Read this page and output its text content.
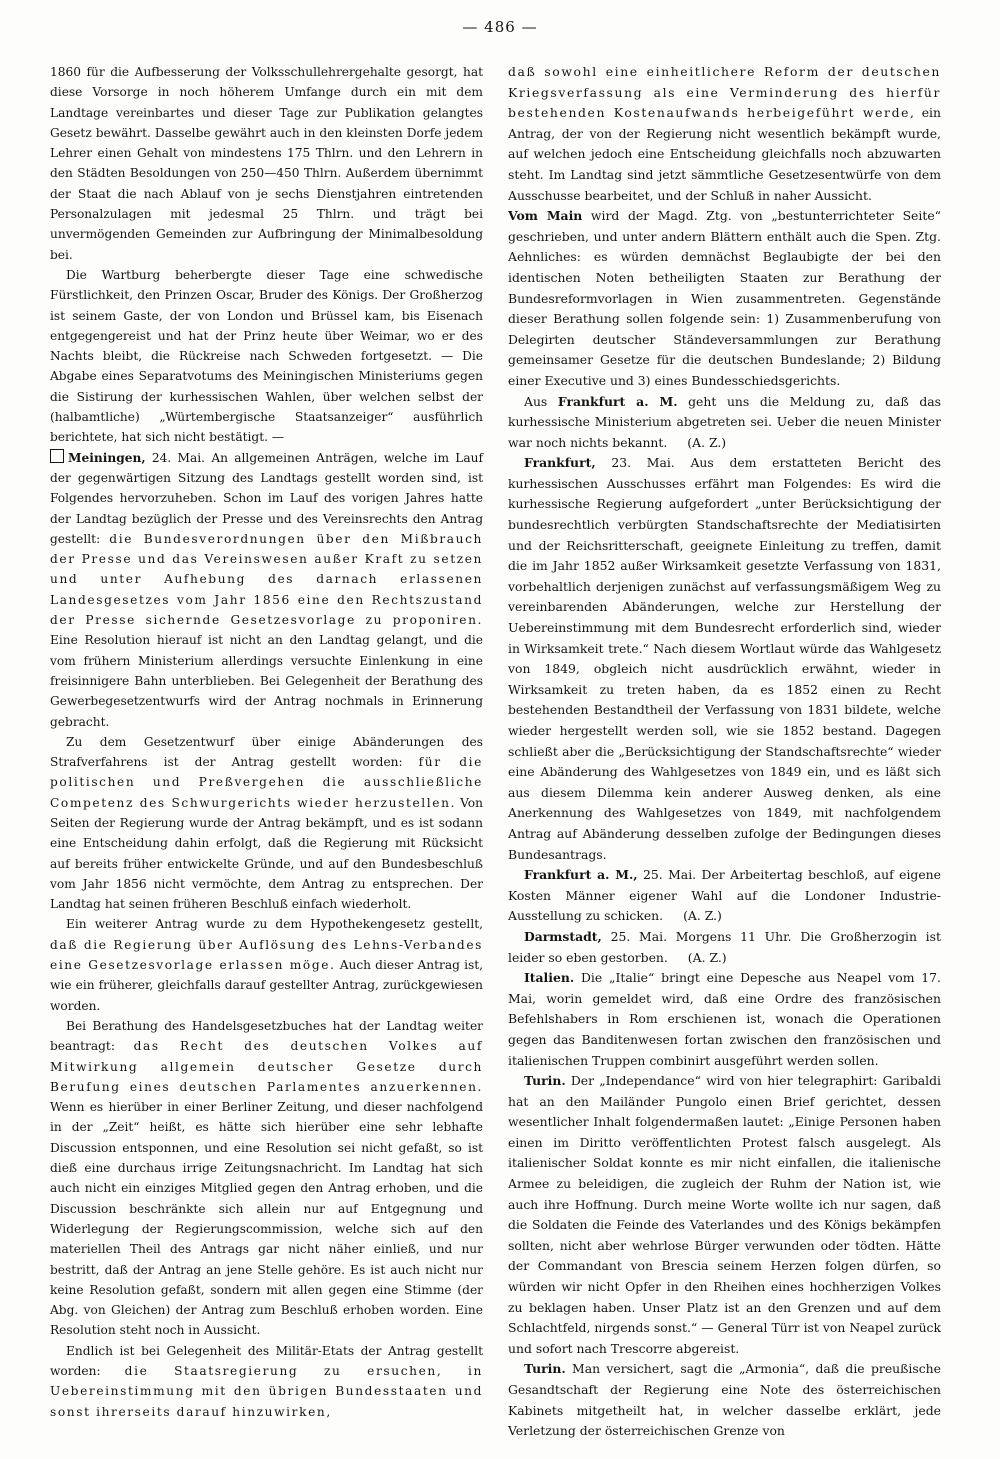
— 486 —

1860 für die Aufbesserung der Volksschullehrergehalte gesorgt, hat diese Vorsorge in noch höherem Umfange durch ein mit dem Landtage vereinbartes und dieser Tage zur Publikation gelangtes Gesetz bewährt. Dasselbe gewährt auch in den kleinsten Dorfe jedem Lehrer einen Gehalt von mindestens 175 Thlrn. und den Lehrern in den Städten Besoldungen von 250—450 Thlrn. Außerdem übernimmt der Staat die nach Ablauf von je sechs Dienstjahren eintretenden Personalzulagen mit jedesmal 25 Thlrn. und trägt bei unvermögenden Gemeinden zur Aufbringung der Minimalbesoldung bei.

Die Wartburg beherbergte dieser Tage eine schwedische Fürstlichkeit, den Prinzen Oscar, Bruder des Königs. Der Großherzog ist seinem Gaste, der von London und Brüssel kam, bis Eisenach entgegengereist und hat der Prinz heute über Weimar, wo er des Nachts bleibt, die Rückreise nach Schweden fortgesetzt. — Die Abgabe eines Separatvotums des Meiningischen Ministeriums gegen die Sistirung der kurhessischen Wahlen, über welchen selbst der (halbamtliche) „Würtembergische Staatsanzeiger“ ausführlich berichtete, hat sich nicht bestätigt. —

Meiningen, 24. Mai. An allgemeinen Anträgen, welche im Lauf der gegenwärtigen Sitzung des Landtags gestellt worden sind, ist Folgendes hervorzuheben. Schon im Lauf des vorigen Jahres hatte der Landtag bezüglich der Presse und des Vereinsrechts den Antrag gestellt: die Bundesverordnungen über den Mißbrauch der Presse und das Vereinswesen außer Kraft zu setzen und unter Aufhebung des darnach erlassenen Landesgesetzes vom Jahr 1856 eine den Rechtszustand der Presse sichernde Gesetzesvorlage zu proponiren. Eine Resolution hierauf ist nicht an den Landtag gelangt, und die vom frühern Ministerium allerdings versuchte Einlenkung in eine freisinnigere Bahn unterblieben. Bei Gelegenheit der Berathung des Gewerbegesetzentwurfs wird der Antrag nochmals in Erinnerung gebracht.

Zu dem Gesetzentwurf über einige Abänderungen des Strafverfahrens ist der Antrag gestellt worden: für die politischen und Preßvergehen die ausschließliche Competenz des Schwurgerichts wieder herzustellen. Von Seiten der Regierung wurde der Antrag bekämpft, und es ist sodann eine Entscheidung dahin erfolgt, daß die Regierung mit Rücksicht auf bereits früher entwickelte Gründe, und auf den Bundesbeschluß vom Jahr 1856 nicht vermöchte, dem Antrag zu entsprechen. Der Landtag hat seinen früheren Beschluß einfach wiederholt.

Ein weiterer Antrag wurde zu dem Hypothekengesetz gestellt, daß die Regierung über Auflösung des Lehns-Verbandes eine Gesetzesvorlage erlassen möge. Auch dieser Antrag ist, wie ein früherer, gleichfalls darauf gestellter Antrag, zurückgewiesen worden.

Bei Berathung des Handelsgesetzbuches hat der Landtag weiter beantragt: das Recht des deutschen Volkes auf Mitwirkung allgemein deutscher Gesetze durch Berufung eines deutschen Parlamentes anzuerkennen. Wenn es hierüber in einer Berliner Zeitung, und dieser nachfolgend in der „Zeit“ heißt, es hätte sich hierüber eine sehr lebhafte Discussion entsponnen, und eine Resolution sei nicht gefaßt, so ist dieß eine durchaus irrige Zeitungsnachricht. Im Landtag hat sich auch nicht ein einziges Mitglied gegen den Antrag erhoben, und die Discussion beschränkte sich allein nur auf Entgegnung und Widerlegung der Regierungscommission, welche sich auf den materiellen Theil des Antrags gar nicht näher einließ, und nur bestritt, daß der Antrag an jene Stelle gehöre. Es ist auch nicht nur keine Resolution gefaßt, sondern mit allen gegen eine Stimme (der Abg. von Gleichen) der Antrag zum Beschluß erhoben worden. Eine Resolution steht noch in Aussicht.

Endlich ist bei Gelegenheit des Militär-Etats der Antrag gestellt worden: die Staatsregierung zu ersuchen, in Uebereinstimmung mit den übrigen Bundesstaaten und sonst ihrerseits darauf hinzuwirken,

daß sowohl eine einheitlichere Reform der deutschen Kriegsverfassung als eine Verminderung des hierfür bestehenden Kostenaufwands herbeigeführt werde, ein Antrag, der von der Regierung nicht wesentlich bekämpft wurde, auf welchen jedoch eine Entscheidung gleichfalls noch abzuwarten steht. Im Landtag sind jetzt sämmtliche Gesetzesentwürfe von dem Ausschusse bearbeitet, und der Schluß in naher Aussicht.

Vom Main wird der Magd. Ztg. von „bestunterrichteter Seite“ geschrieben, und unter andern Blättern enthält auch die Spen. Ztg. Aehnliches: es würden demnächst Beglaubigte der bei den identischen Noten betheiligten Staaten zur Berathung der Bundesreformvorlagen in Wien zusammentreten. Gegenstände dieser Berathung sollen folgende sein: 1) Zusammenberufung von Delegirten deutscher Ständeversammlungen zur Berathung gemeinsamer Gesetze für die deutschen Bundeslande; 2) Bildung einer Executive und 3) eines Bundesschiedsgerichts.

Aus Frankfurt a. M. geht uns die Meldung zu, daß das kurhessische Ministerium abgetreten sei. Ueber die neuen Minister war noch nichts bekannt. (A. Z.)

Frankfurt, 23. Mai. Aus dem erstatteten Bericht des kurhessischen Ausschusses erfährt man Folgendes: Es wird die kurhessische Regierung aufgefordert „unter Berücksichtigung der bundesrechtlich verbürgten Standschaftsrechte der Mediatisirten und der Reichsritterschaft, geeignete Einleitung zu treffen, damit die im Jahr 1852 außer Wirksamkeit gesetzte Verfassung von 1831, vorbehaltlich derjenigen zunächst auf verfassungsmäßigem Weg zu vereinbarenden Abänderungen, welche zur Herstellung der Uebereinstimmung mit dem Bundesrecht erforderlich sind, wieder in Wirksamkeit trete.“ Nach diesem Wortlaut würde das Wahlgesetz von 1849, obgleich nicht ausdrücklich erwähnt, wieder in Wirksamkeit zu treten haben, da es 1852 einen zu Recht bestehenden Bestandtheil der Verfassung von 1831 bildete, welche wieder hergestellt werden soll, wie sie 1852 bestand. Dagegen schließt aber die „Berücksichtigung der Standschaftsrechte“ wieder eine Abänderung des Wahlgesetzes von 1849 ein, und es läßt sich aus diesem Dilemma kein anderer Ausweg denken, als eine Anerkennung des Wahlgesetzes von 1849, mit nachfolgendem Antrag auf Abänderung desselben zufolge der Bedingungen dieses Bundesantrags.

Frankfurt a. M., 25. Mai. Der Arbeitertag beschloß, auf eigene Kosten Männer eigener Wahl auf die Londoner Industrie-Ausstellung zu schicken. (A. Z.)

Darmstadt, 25. Mai. Morgens 11 Uhr. Die Großherzogin ist leider so eben gestorben. (A. Z.)

Italien. Die „Italie“ bringt eine Depesche aus Neapel vom 17. Mai, worin gemeldet wird, daß eine Ordre des französischen Befehlshabers in Rom erschienen ist, wonach die Operationen gegen das Banditenwesen fortan zwischen den französischen und italienischen Truppen combinirt ausgeführt werden sollen.

Turin. Der „Independance“ wird von hier telegraphirt: Garibaldi hat an den Mailänder Pungolo einen Brief gerichtet, dessen wesentlicher Inhalt folgendermaßen lautet: „Einige Personen haben einen im Diritto veröffentlichten Protest falsch ausgelegt. Als italienischer Soldat konnte es mir nicht einfallen, die italienische Armee zu beleidigen, die zugleich der Ruhm der Nation ist, wie auch ihre Hoffnung. Durch meine Worte wollte ich nur sagen, daß die Soldaten die Feinde des Vaterlandes und des Königs bekämpfen sollten, nicht aber wehrlose Bürger verwunden oder tödten. Hätte der Commandant von Brescia seinem Herzen folgen dürfen, so würden wir nicht Opfer in den Rheihen eines hochherzigen Volkes zu beklagen haben. Unser Platz ist an den Grenzen und auf dem Schlachtfeld, nirgends sonst.“ — General Türr ist von Neapel zurück und sofort nach Trescorre abgereist.

Turin. Man versichert, sagt die „Armonia“, daß die preußische Gesandtschaft der Regierung eine Note des österreichischen Kabinets mitgetheilt hat, in welcher dasselbe erklärt, jede Verletzung der österreichischen Grenze von
